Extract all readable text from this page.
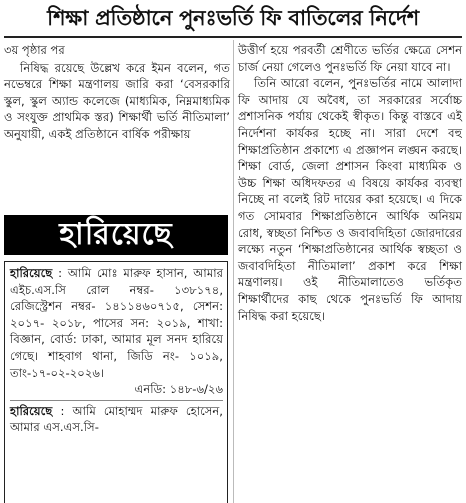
শিক্ষা প্রতিষ্ঠানে পুনঃভর্তি ফি বাতিলের নির্দেশ

৩য় পৃষ্ঠার পর

নিষিদ্ধ রয়েছে উল্লেখ করে ইমন বলেন, গত নভেম্বরে শিক্ষা মন্ত্রণালয় জারি করা ‘বেসরকারি স্কুল, স্কুল অ্যান্ড কলেজে (মাধ্যমিক, নিম্নমাধ্যমিক ও সংযুক্ত প্রাথমিক স্তর) শিক্ষার্থী ভর্তি নীতিমালা’ অনুযায়ী, একই প্রতিষ্ঠানে বার্ষিক পরীক্ষায়

উত্তীর্ণ হয়ে পরবর্তী শ্রেণীতে ভর্তির ক্ষেত্রে সেশন চার্জ নেয়া গেলেও পুনঃভর্তি ফি নেয়া যাবে না।

তিনি আরো বলেন, পুনঃভর্তির নামে আলাদা ফি আদায় যে অবৈধ, তা সরকারের সর্বোচ্চ প্রশাসনিক পর্যায় থেকেই স্বীকৃত। কিন্তু বাস্তবে এই নির্দেশনা কার্যকর হচ্ছে না। সারা দেশে বহু শিক্ষাপ্রতিষ্ঠান প্রকাশ্যে এ প্রজ্ঞাপন লঙ্ঘন করছে। শিক্ষা বোর্ড, জেলা প্রশাসন কিংবা মাধ্যমিক ও উচ্চ শিক্ষা অধিদফতর এ বিষয়ে কার্যকর ব্যবস্থা নিচ্ছে না বলেই রিট দায়ের করা হয়েছে। এ দিকে গত সোমবার শিক্ষাপ্রতিষ্ঠানে আর্থিক অনিয়ম রোধ, স্বচ্ছতা নিশ্চিত ও জবাবদিহিতা জোরদারের লক্ষ্যে নতুন ‘শিক্ষাপ্রতিষ্ঠানের আর্থিক স্বচ্ছতা ও জবাবদিহিতা নীতিমালা’ প্রকাশ করে শিক্ষা মন্ত্রণালয়। ওই নীতিমালাতেও ভর্তিকৃত শিক্ষার্থীদের কাছ থেকে পুনঃভর্তি ফি আদায় নিষিদ্ধ করা হয়েছে।

হারিয়েছে

হারিয়েছে : আমি মোঃ মারুফ হাসান, আমার এইচ.এস.সি রোল নম্বর- ১৩৮১৭৪, রেজিস্ট্রেশন নম্বর- ১৪১১৪৬০৭১৫, সেশন: ২০১৭- ২০১৮, পাসের সন: ২০১৯, শাখা: বিজ্ঞান, বোর্ড: ঢাকা, আমার মূল সনদ হারিয়ে গেছে। শাহবাগ থানা, জিডি নং- ১০১৯, তাং-১৭-০২-২০২৬।

এনডি: ১৪৮-৬/২৬

হারিয়েছে : আমি মোহাম্মদ মারুফ হোসেন, আমার এস.এস.সি-
